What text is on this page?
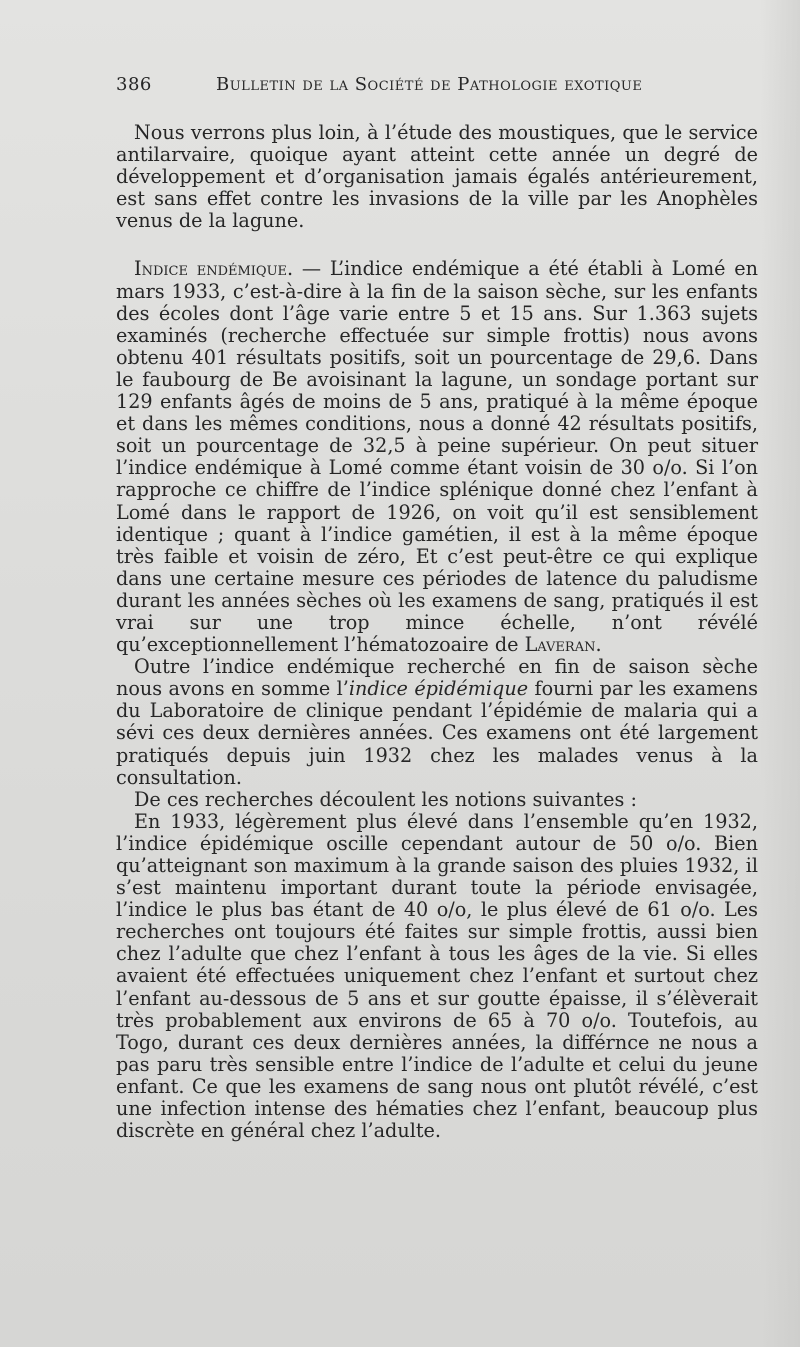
386	Bulletin de la Société de Pathologie exotique

Nous verrons plus loin, à l’étude des moustiques, que le service antilarvaire, quoique ayant atteint cette année un degré de développement et d’organisation jamais égalés antérieurement, est sans effet contre les invasions de la ville par les Anophèles venus de la lagune.

Indice endémique. — L’indice endémique a été établi à Lomé en mars 1933, c’est-à-dire à la fin de la saison sèche, sur les enfants des écoles dont l’âge varie entre 5 et 15 ans. Sur 1.363 sujets examinés (recherche effectuée sur simple frottis) nous avons obtenu 401 résultats positifs, soit un pourcentage de 29,6. Dans le faubourg de Be avoisinant la lagune, un sondage portant sur 129 enfants âgés de moins de 5 ans, pratiqué à la même époque et dans les mêmes conditions, nous a donné 42 résultats positifs, soit un pourcentage de 32,5 à peine supérieur. On peut situer l’indice endémique à Lomé comme étant voisin de 30 o/o. Si l’on rapproche ce chiffre de l’indice splénique donné chez l’enfant à Lomé dans le rapport de 1926, on voit qu’il est sensiblement identique ; quant à l’indice gamétien, il est à la même époque très faible et voisin de zéro, Et c’est peut-être ce qui explique dans une certaine mesure ces périodes de latence du paludisme durant les années sèches où les examens de sang, pratiqués il est vrai sur une trop mince échelle, n’ont révélé qu’exceptionnellement l’hématozoaire de Laveran.

Outre l’indice endémique recherché en fin de saison sèche nous avons en somme l’indice épidémique fourni par les examens du Laboratoire de clinique pendant l’épidémie de malaria qui a sévi ces deux dernières années. Ces examens ont été largement pratiqués depuis juin 1932 chez les malades venus à la consultation.

De ces recherches découlent les notions suivantes :

En 1933, légèrement plus élevé dans l’ensemble qu’en 1932, l’indice épidémique oscille cependant autour de 50 o/o. Bien qu’atteignant son maximum à la grande saison des pluies 1932, il s’est maintenu important durant toute la période envisagée, l’indice le plus bas étant de 40 o/o, le plus élevé de 61 o/o. Les recherches ont toujours été faites sur simple frottis, aussi bien chez l’adulte que chez l’enfant à tous les âges de la vie. Si elles avaient été effectuées uniquement chez l’enfant et surtout chez l’enfant au-dessous de 5 ans et sur goutte épaisse, il s’élèverait très probablement aux environs de 65 à 70 o/o. Toutefois, au Togo, durant ces deux dernières années, la différnce ne nous a pas paru très sensible entre l’indice de l’adulte et celui du jeune enfant. Ce que les examens de sang nous ont plutôt révélé, c’est une infection intense des hématies chez l’enfant, beaucoup plus discrète en général chez l’adulte.
